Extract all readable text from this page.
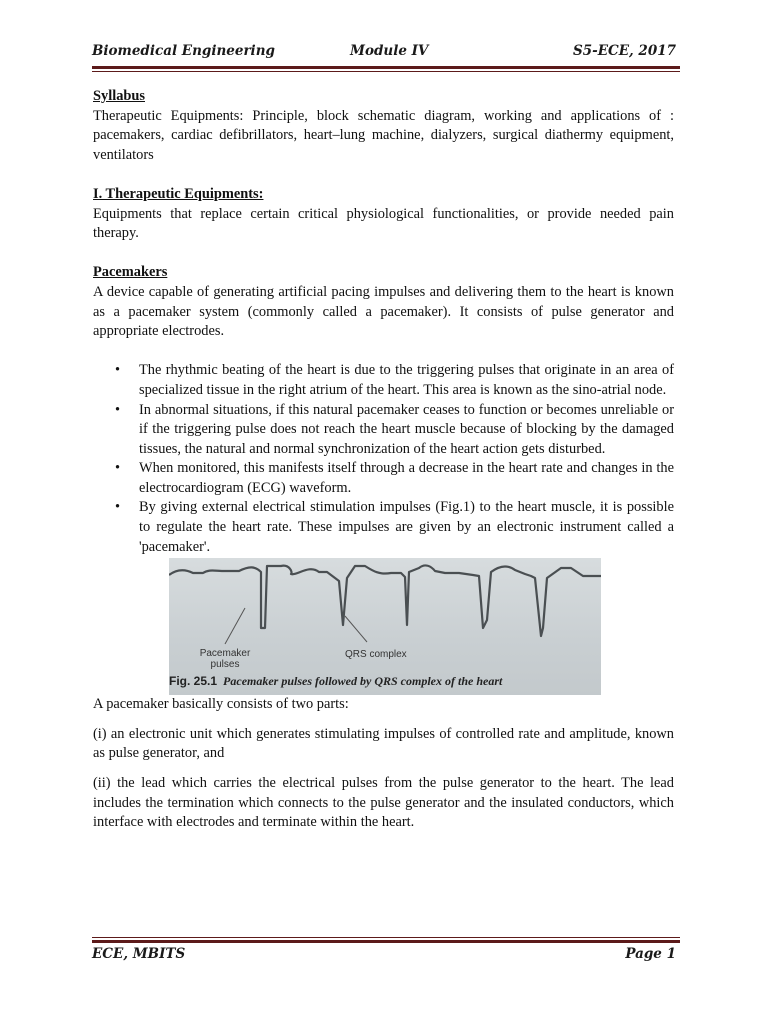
Biomedical Engineering	Module IV	S5-ECE, 2017

Syllabus

Therapeutic Equipments: Principle, block schematic diagram, working and applications of : pacemakers, cardiac defibrillators, heart–lung machine, dialyzers, surgical diathermy equipment, ventilators

I. Therapeutic Equipments:

Equipments that replace certain critical physiological functionalities, or provide needed pain therapy.

Pacemakers

A device capable of generating artificial pacing impulses and delivering them to the heart is known as a pacemaker system (commonly called a pacemaker). It consists of pulse generator and appropriate electrodes.

• The rhythmic beating of the heart is due to the triggering pulses that originate in an area of specialized tissue in the right atrium of the heart. This area is known as the sino-atrial node.
• In abnormal situations, if this natural pacemaker ceases to function or becomes unreliable or if the triggering pulse does not reach the heart muscle because of blocking by the damaged tissues, the natural and normal synchronization of the heart action gets disturbed.
• When monitored, this manifests itself through a decrease in the heart rate and changes in the electrocardiogram (ECG) waveform.
• By giving external electrical stimulation impulses (Fig.1) to the heart muscle, it is possible to regulate the heart rate. These impulses are given by an electronic instrument called a 'pacemaker'.
Pacemaker pulses
QRS complex
Fig. 25.1 Pacemaker pulses followed by QRS complex of the heart

A pacemaker basically consists of two parts:

(i) an electronic unit which generates stimulating impulses of controlled rate and amplitude, known as pulse generator, and

(ii) the lead which carries the electrical pulses from the pulse generator to the heart. The lead includes the termination which connects to the pulse generator and the insulated conductors, which interface with electrodes and terminate within the heart.

ECE, MBITS	Page 1
